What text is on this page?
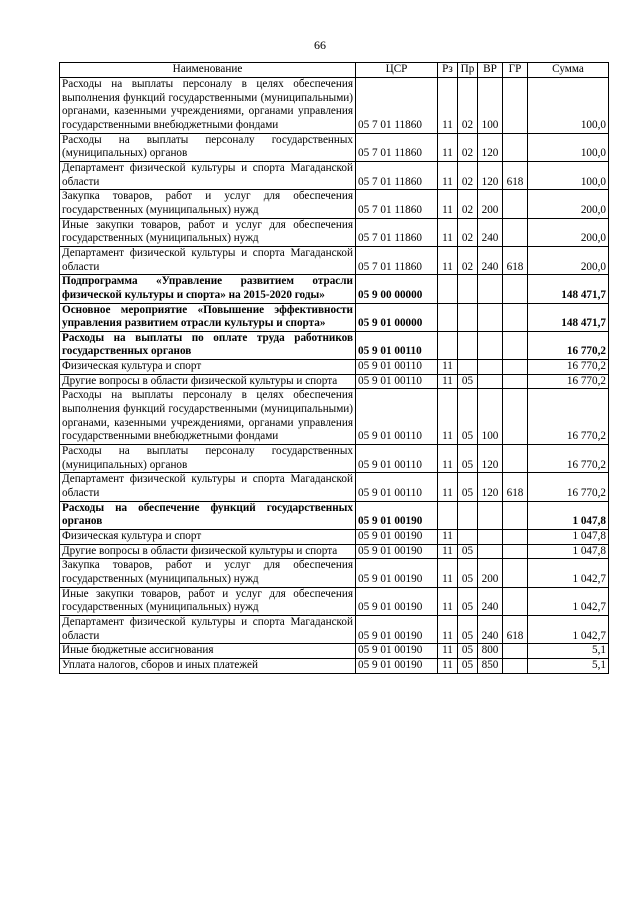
66
Наименование	ЦСР	Рз	Пр	ВР	ГР	Сумма
Расходы на выплаты персоналу в целях обеспечения выполнения функций государственными (муниципальными) органами, казенными учреждениями, органами управления государственными внебюджетными фондами	05 7 01 11860	11	02	100		100,0
Расходы на выплаты персоналу государственных (муниципальных) органов	05 7 01 11860	11	02	120		100,0
Департамент физической культуры и спорта Магаданской области	05 7 01 11860	11	02	120	618	100,0
Закупка товаров, работ и услуг для обеспечения государственных (муниципальных) нужд	05 7 01 11860	11	02	200		200,0
Иные закупки товаров, работ и услуг для обеспечения государственных (муниципальных) нужд	05 7 01 11860	11	02	240		200,0
Департамент физической культуры и спорта Магаданской области	05 7 01 11860	11	02	240	618	200,0
Подпрограмма «Управление развитием отрасли физической культуры и спорта» на 2015-2020 годы»	05 9 00 00000					148 471,7
Основное мероприятие «Повышение эффективности управления развитием отрасли культуры и спорта»	05 9 01 00000					148 471,7
Расходы на выплаты по оплате труда работников государственных органов	05 9 01 00110					16 770,2
Физическая культура и спорт	05 9 01 00110	11				16 770,2
Другие вопросы в области физической культуры и спорта	05 9 01 00110	11	05			16 770,2
Расходы на выплаты персоналу в целях обеспечения выполнения функций государственными (муниципальными) органами, казенными учреждениями, органами управления государственными внебюджетными фондами	05 9 01 00110	11	05	100		16 770,2
Расходы на выплаты персоналу государственных (муниципальных) органов	05 9 01 00110	11	05	120		16 770,2
Департамент физической культуры и спорта Магаданской области	05 9 01 00110	11	05	120	618	16 770,2
Расходы на обеспечение функций государственных органов	05 9 01 00190					1 047,8
Физическая культура и спорт	05 9 01 00190	11				1 047,8
Другие вопросы в области физической культуры и спорта	05 9 01 00190	11	05			1 047,8
Закупка товаров, работ и услуг для обеспечения государственных (муниципальных) нужд	05 9 01 00190	11	05	200		1 042,7
Иные закупки товаров, работ и услуг для обеспечения государственных (муниципальных) нужд	05 9 01 00190	11	05	240		1 042,7
Департамент физической культуры и спорта Магаданской области	05 9 01 00190	11	05	240	618	1 042,7
Иные бюджетные ассигнования	05 9 01 00190	11	05	800		5,1
Уплата налогов, сборов и иных платежей	05 9 01 00190	11	05	850		5,1
